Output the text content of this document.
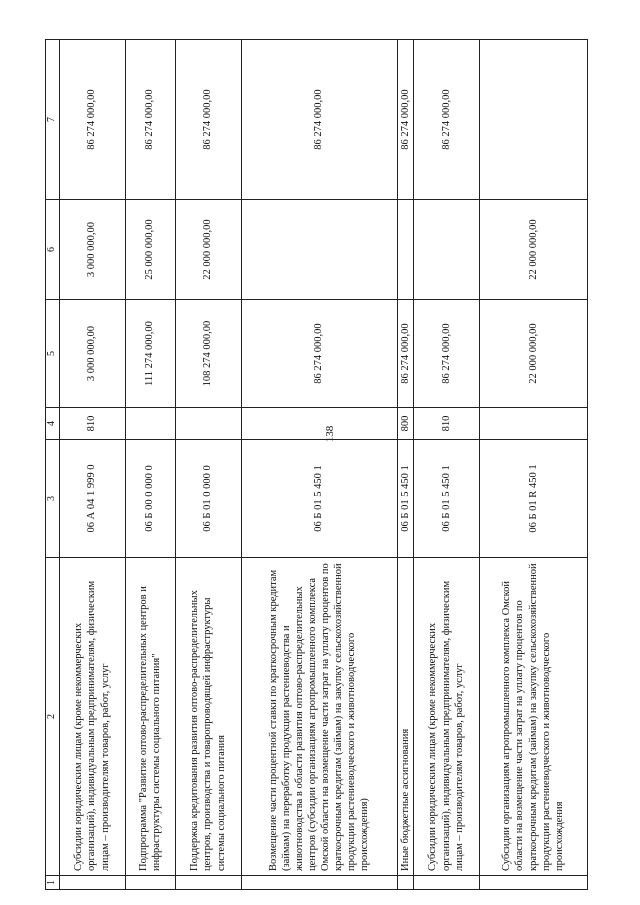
138
1	2	3	4	5	6	7
	Субсидии юридическим лицам (кроме некоммерческих организаций), индивидуальным предпринимателям, физическим лицам – производителям товаров, работ, услуг	06 А 04 1 999 0	810	3 000 000,00	3 000 000,00	86 274 000,00
	Подпрограмма "Развитие оптово-распределительных центров и инфраструктуры системы социального питания"	06 Б 00 0 000 0		111 274 000,00	25 000 000,00	86 274 000,00
	Поддержка кредитования развития оптово-распределительных центров, производства и товаропроводящей инфраструктуры системы социального питания	06 Б 01 0 000 0		108 274 000,00	22 000 000,00	86 274 000,00
	Возмещение части процентной ставки по краткосрочным кредитам (займам) на переработку продукции растениеводства и животноводства в области развития оптово-распределительных центров (субсидии организациям агропромышленного комплекса Омской области на возмещение части затрат на уплату процентов по краткосрочным кредитам (займам) на закупку сельскохозяйственной продукции растениеводческого и животноводческого происхождения)	06 Б 01 5 450 1		86 274 000,00		86 274 000,00
	Иные бюджетные ассигнования	06 Б 01 5 450 1	800	86 274 000,00		86 274 000,00
	Субсидии юридическим лицам (кроме некоммерческих организаций), индивидуальным предпринимателям, физическим лицам – производителям товаров, работ, услуг	06 Б 01 5 450 1	810	86 274 000,00		86 274 000,00
	Субсидии организациям агропромышленного комплекса Омской области на возмещение части затрат на уплату процентов по краткосрочным кредитам (займам) на закупку сельскохозяйственной продукции растениеводческого и животноводческого происхождения	06 Б 01 R 450 1		22 000 000,00	22 000 000,00	
